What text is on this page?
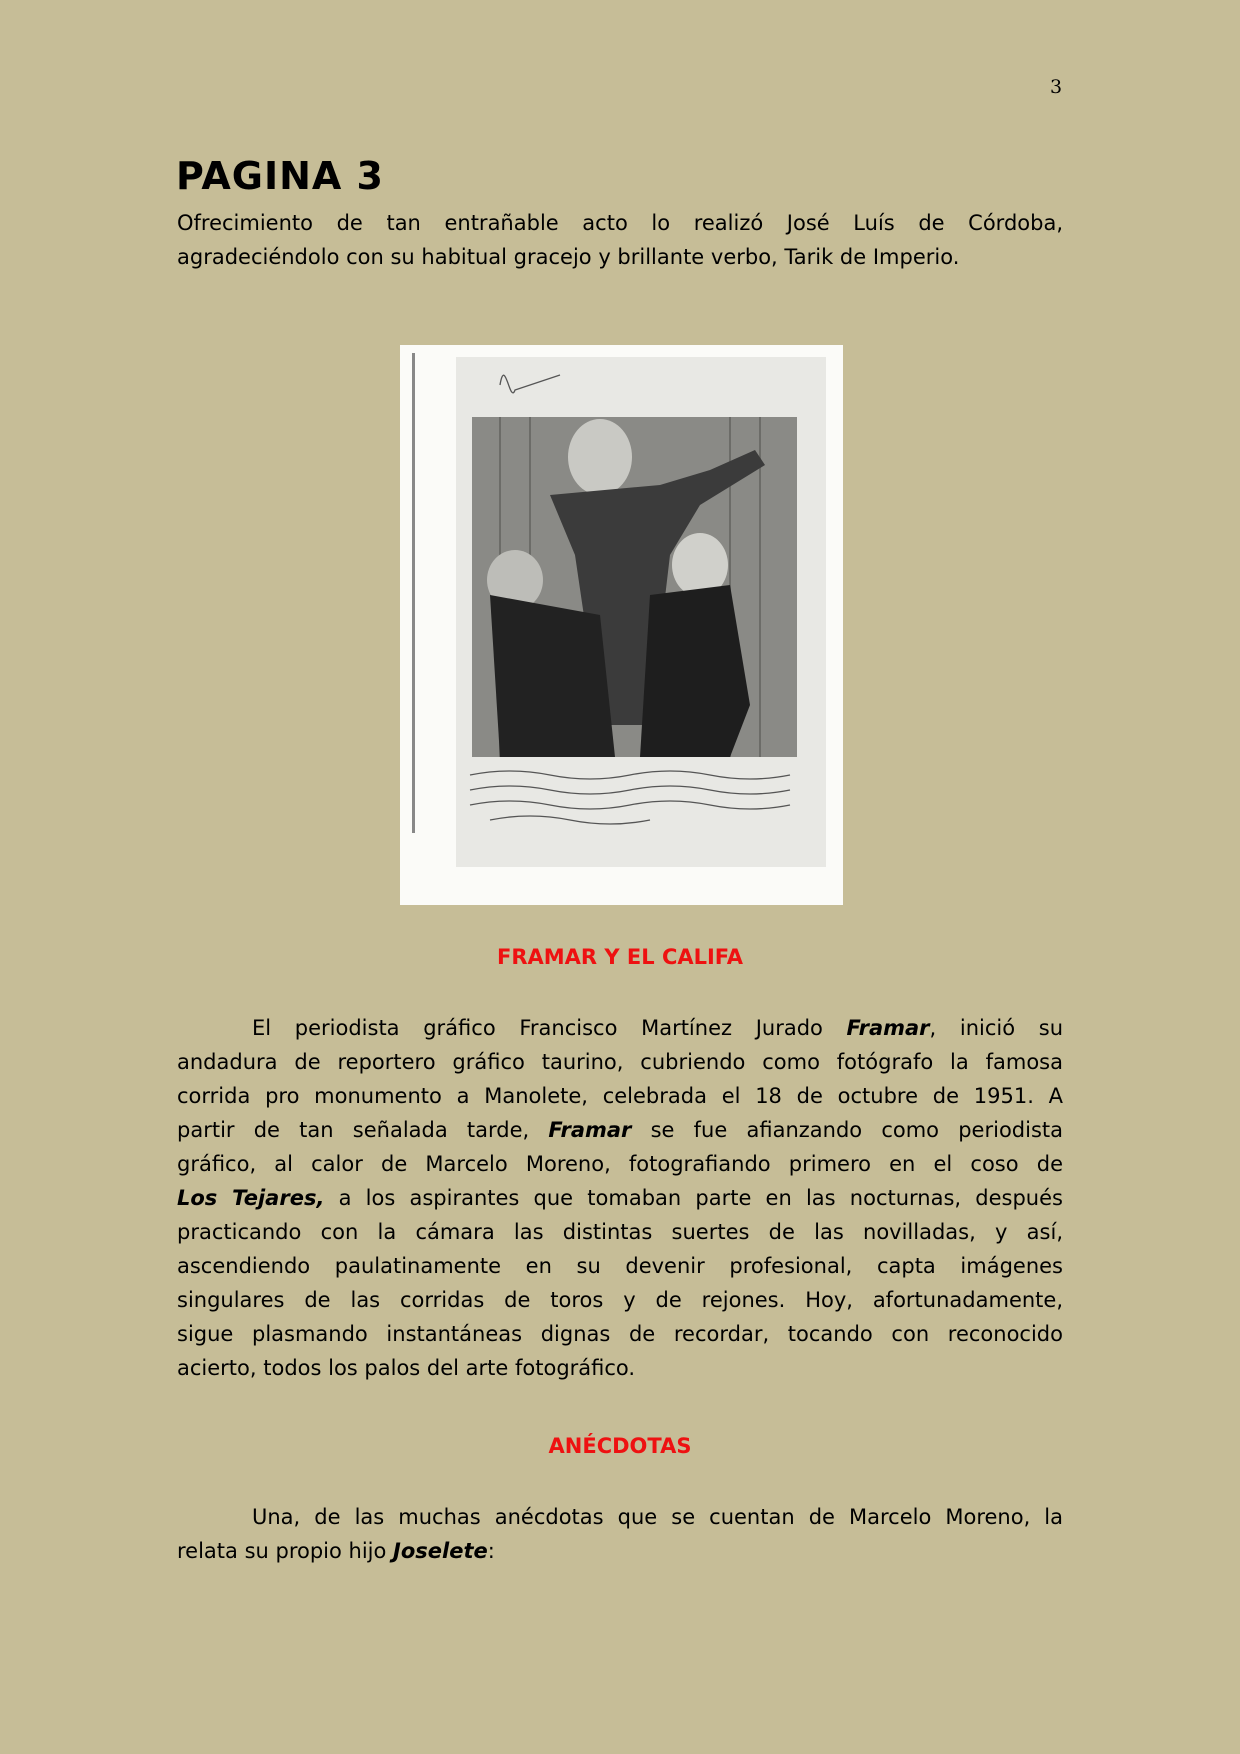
3
PAGINA 3
Ofrecimiento de tan entrañable acto lo realizó José Luís de Córdoba,
agradeciéndolo con su habitual gracejo y brillante verbo, Tarik de Imperio.
FRAMAR Y EL CALIFA
El periodista gráfico Francisco Martínez Jurado Framar, inició su
andadura de reportero gráfico taurino, cubriendo como fotógrafo la famosa
corrida pro monumento a Manolete, celebrada el 18 de octubre de 1951. A
partir de tan señalada tarde, Framar se fue afianzando como periodista
gráfico, al calor de Marcelo Moreno, fotografiando primero en el coso de
Los Tejares, a los aspirantes que tomaban parte en las nocturnas, después
practicando con la cámara las distintas suertes de las novilladas, y así,
ascendiendo paulatinamente en su devenir profesional, capta imágenes
singulares de las corridas de toros y de rejones. Hoy, afortunadamente,
sigue plasmando instantáneas dignas de recordar, tocando con reconocido
acierto, todos los palos del arte fotográfico.
ANÉCDOTAS
Una, de las muchas anécdotas que se cuentan de Marcelo Moreno, la
relata su propio hijo Joselete:
